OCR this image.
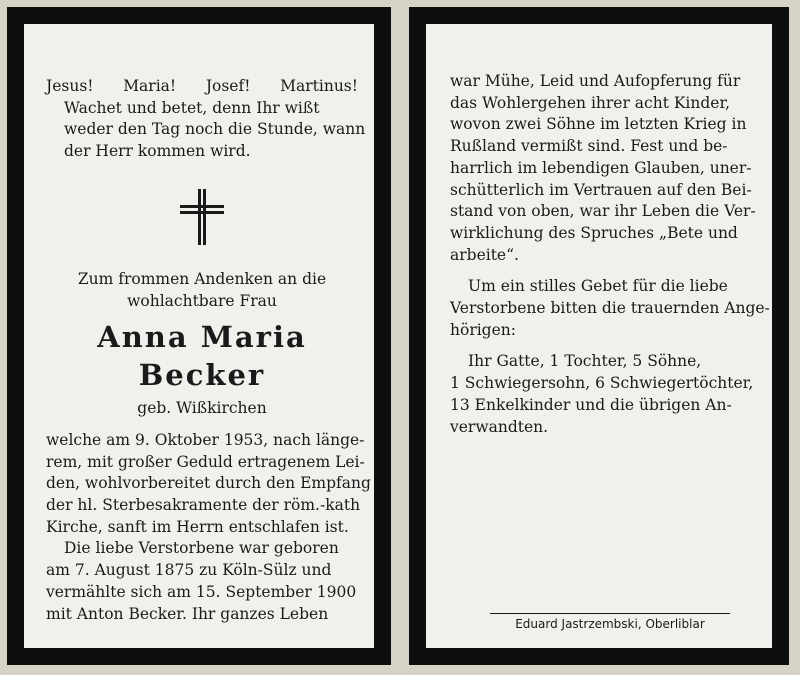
Jesus! Maria! Josef! Martinus!
Wachet und betet, denn Ihr wißt
weder den Tag noch die Stunde, wann
der Herr kommen wird.
Zum frommen Andenken an die
wohlachtbare Frau
Anna Maria Becker
geb. Wißkirchen
welche am 9. Oktober 1953, nach länge-
rem, mit großer Geduld ertragenem Lei-
den, wohlvorbereitet durch den Empfang
der hl. Sterbesakramente der röm.-kath
Kirche, sanft im Herrn entschlafen ist.
Die liebe Verstorbene war geboren
am 7. August 1875 zu Köln-Sülz und
vermählte sich am 15. September 1900
mit Anton Becker. Ihr ganzes Leben
war Mühe, Leid und Aufopferung für
das Wohlergehen ihrer acht Kinder,
wovon zwei Söhne im letzten Krieg in
Rußland vermißt sind. Fest und be-
harrlich im lebendigen Glauben, uner-
schütterlich im Vertrauen auf den Bei-
stand von oben, war ihr Leben die Ver-
wirklichung des Spruches „Bete und
arbeite“.
Um ein stilles Gebet für die liebe
Verstorbene bitten die trauernden Ange-
hörigen:
Ihr Gatte, 1 Tochter, 5 Söhne,
1 Schwiegersohn, 6 Schwiegertöchter,
13 Enkelkinder und die übrigen An-
verwandten.
Eduard Jastrzembski, Oberliblar
